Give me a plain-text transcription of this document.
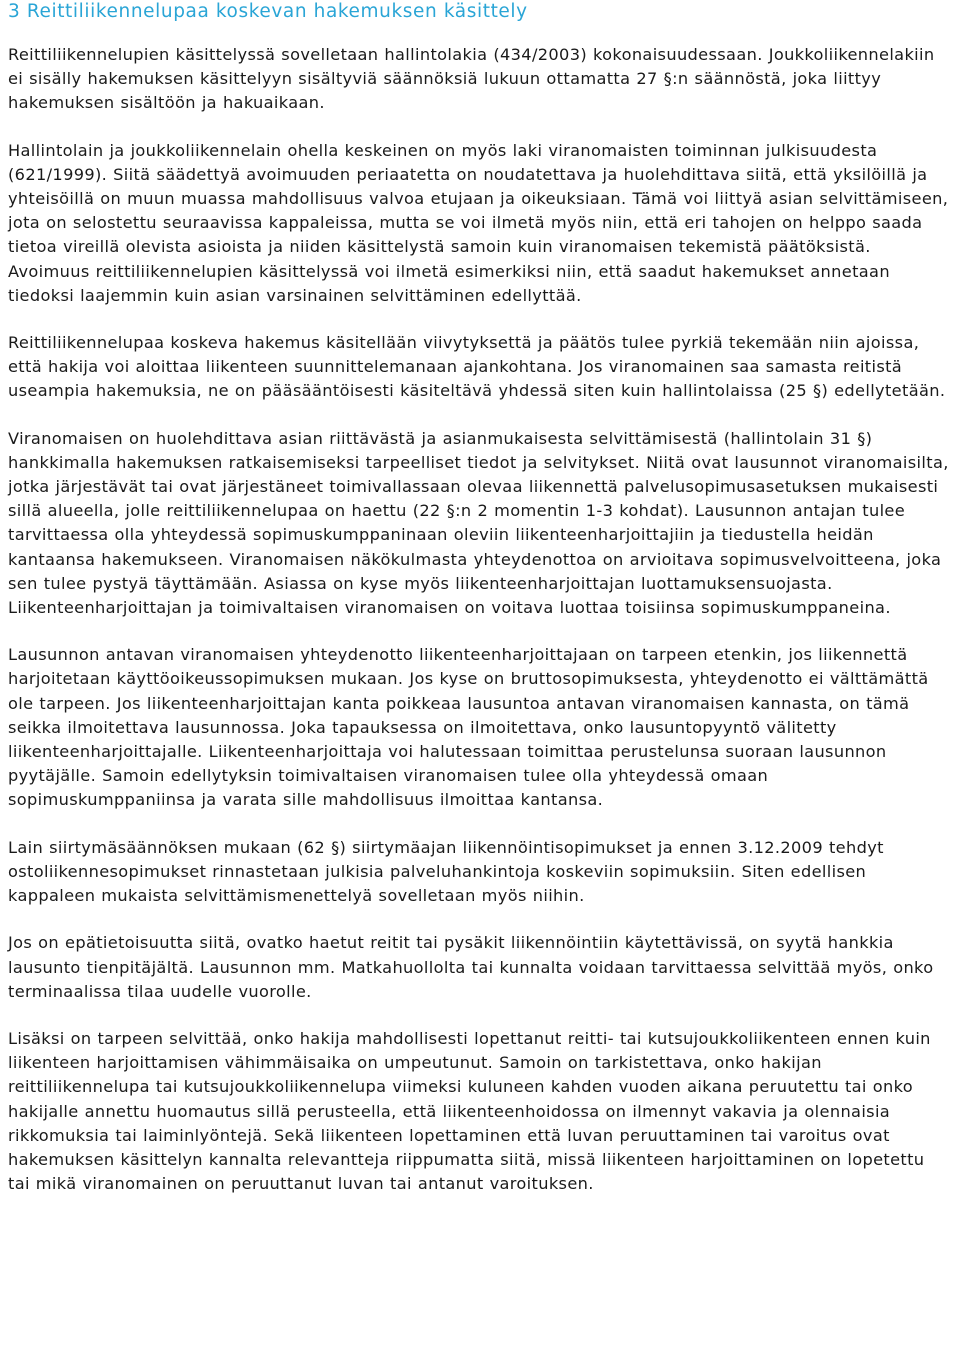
3 Reittiliikennelupaa koskevan hakemuksen käsittely

Reittiliikennelupien käsittelyssä sovelletaan hallintolakia (434/2003) kokonaisuudessaan. Joukkoliikennelakiin ei sisälly hakemuksen käsittelyyn sisältyviä säännöksiä lukuun ottamatta 27 §:n säännöstä, joka liittyy hakemuksen sisältöön ja hakuaikaan.

Hallintolain ja joukkoliikennelain ohella keskeinen on myös laki viranomaisten toiminnan julkisuudesta (621/1999). Siitä säädettyä avoimuuden periaatetta on noudatettava ja huolehdittava siitä, että yksilöillä ja yhteisöillä on muun muassa mahdollisuus valvoa etujaan ja oikeuksiaan. Tämä voi liittyä asian selvittämiseen, jota on selostettu seuraavissa kappaleissa, mutta se voi ilmetä myös niin, että eri tahojen on helppo saada tietoa vireillä olevista asioista ja niiden käsittelystä samoin kuin viranomaisen tekemistä päätöksistä. Avoimuus reittiliikennelupien käsittelyssä voi ilmetä esimerkiksi niin, että saadut hakemukset annetaan tiedoksi laajemmin kuin asian varsinainen selvittäminen edellyttää.

Reittiliikennelupaa koskeva hakemus käsitellään viivytyksettä ja päätös tulee pyrkiä tekemään niin ajoissa, että hakija voi aloittaa liikenteen suunnittelemanaan ajankohtana. Jos viranomainen saa samasta reitistä useampia hakemuksia, ne on pääsääntöisesti käsiteltävä yhdessä siten kuin hallintolaissa (25 §) edellytetään.

Viranomaisen on huolehdittava asian riittävästä ja asianmukaisesta selvittämisestä (hallintolain 31 §) hankkimalla hakemuksen ratkaisemiseksi tarpeelliset tiedot ja selvitykset. Niitä ovat lausunnot viranomaisilta, jotka järjestävät tai ovat järjestäneet toimivallassaan olevaa liikennettä palvelusopimusasetuksen mukaisesti sillä alueella, jolle reittiliikennelupaa on haettu (22 §:n 2 momentin 1-3 kohdat). Lausunnon antajan tulee tarvittaessa olla yhteydessä sopimuskumppaninaan oleviin liikenteenharjoittajiin ja tiedustella heidän kantaansa hakemukseen. Viranomaisen näkökulmasta yhteydenottoa on arvioitava sopimusvelvoitteena, joka sen tulee pystyä täyttämään. Asiassa on kyse myös liikenteenharjoittajan luottamuksensuojasta. Liikenteenharjoittajan ja toimivaltaisen viranomaisen on voitava luottaa toisiinsa sopimuskumppaneina.

Lausunnon antavan viranomaisen yhteydenotto liikenteenharjoittajaan on tarpeen etenkin, jos liikennettä harjoitetaan käyttöoikeussopimuksen mukaan. Jos kyse on bruttosopimuksesta, yhteydenotto ei välttämättä ole tarpeen. Jos liikenteenharjoittajan kanta poikkeaa lausuntoa antavan viranomaisen kannasta, on tämä seikka ilmoitettava lausunnossa. Joka tapauksessa on ilmoitettava, onko lausuntopyyntö välitetty liikenteenharjoittajalle. Liikenteenharjoittaja voi halutessaan toimittaa perustelunsa suoraan lausunnon pyytäjälle. Samoin edellytyksin toimivaltaisen viranomaisen tulee olla yhteydessä omaan sopimuskumppaniinsa ja varata sille mahdollisuus ilmoittaa kantansa.

Lain siirtymäsäännöksen mukaan (62 §) siirtymäajan liikennöintisopimukset ja ennen 3.12.2009 tehdyt ostoliikennesopimukset rinnastetaan julkisia palveluhankintoja koskeviin sopimuksiin. Siten edellisen kappaleen mukaista selvittämismenettelyä sovelletaan myös niihin.

Jos on epätietoisuutta siitä, ovatko haetut reitit tai pysäkit liikennöintiin käytettävissä, on syytä hankkia lausunto tienpitäjältä. Lausunnon mm. Matkahuollolta tai kunnalta voidaan tarvittaessa selvittää myös, onko terminaalissa tilaa uudelle vuorolle.

Lisäksi on tarpeen selvittää, onko hakija mahdollisesti lopettanut reitti- tai kutsujoukkoliikenteen ennen kuin liikenteen harjoittamisen vähimmäisaika on umpeutunut. Samoin on tarkistettava, onko hakijan reittiliikennelupa tai kutsujoukkoliikennelupa viimeksi kuluneen kahden vuoden aikana peruutettu tai onko hakijalle annettu huomautus sillä perusteella, että liikenteenhoidossa on ilmennyt vakavia ja olennaisia rikkomuksia tai laiminlyöntejä. Sekä liikenteen lopettaminen että luvan peruuttaminen tai varoitus ovat hakemuksen käsittelyn kannalta relevantteja riippumatta siitä, missä liikenteen harjoittaminen on lopetettu tai mikä viranomainen on peruuttanut luvan tai antanut varoituksen.
